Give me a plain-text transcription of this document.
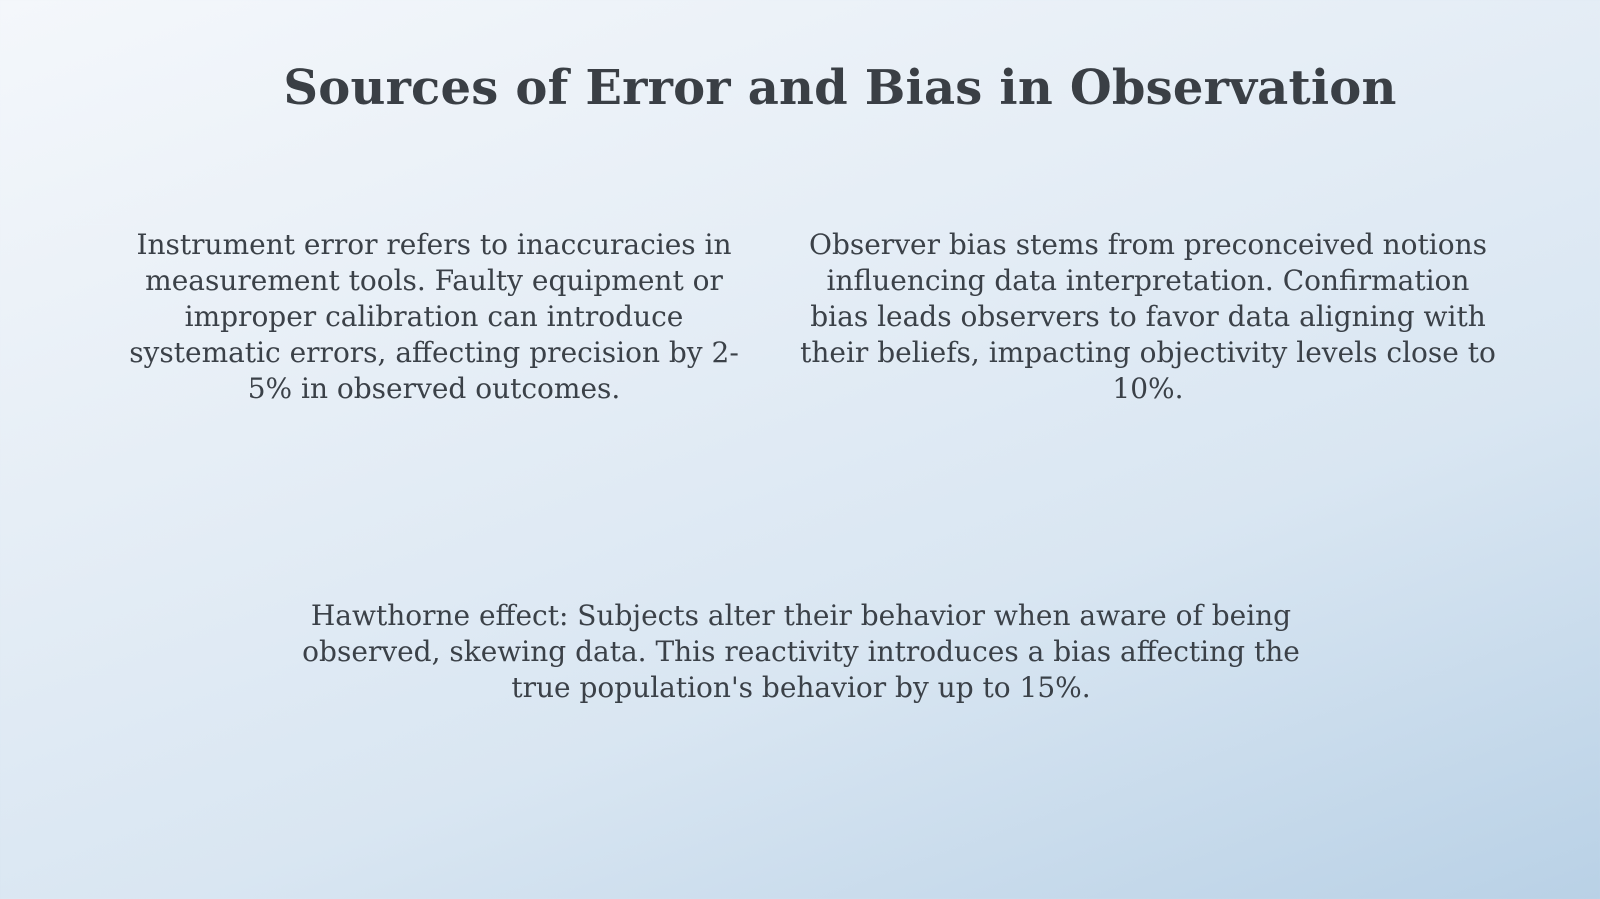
Sources of Error and Bias in Observation

Instrument error refers to inaccuracies in measurement tools. Faulty equipment or improper calibration can introduce systematic errors, affecting precision by 2-5% in observed outcomes.

Observer bias stems from preconceived notions influencing data interpretation. Confirmation bias leads observers to favor data aligning with their beliefs, impacting objectivity levels close to 10%.

Hawthorne effect: Subjects alter their behavior when aware of being observed, skewing data. This reactivity introduces a bias affecting the true population's behavior by up to 15%.
